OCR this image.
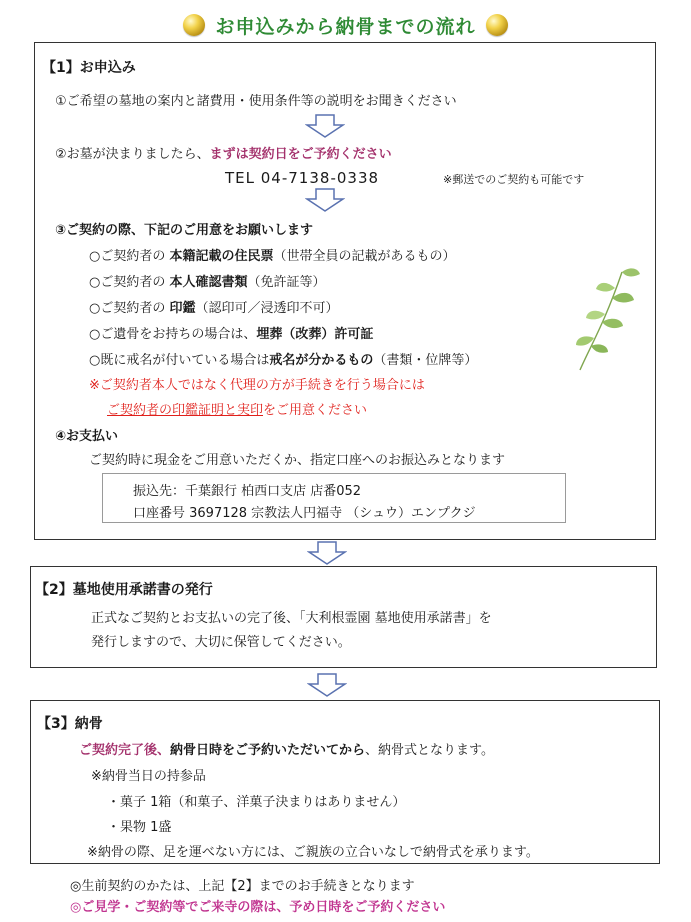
お申込みから納骨までの流れ
【1】お申込み
①ご希望の墓地の案内と諸費用・使用条件等の説明をお聞きください
②お墓が決まりましたら、まずは契約日をご予約ください
TEL 04-7138-0338	※郵送でのご契約も可能です
③ご契約の際、下記のご用意をお願いします
○ご契約者の 本籍記載の住民票（世帯全員の記載があるもの）
○ご契約者の 本人確認書類（免許証等）
○ご契約者の 印鑑（認印可／浸透印不可）
○ご遺骨をお持ちの場合は、埋葬（改葬）許可証
○既に戒名が付いている場合は戒名が分かるもの（書類・位牌等）
※ご契約者本人ではなく代理の方が手続きを行う場合には
ご契約者の印鑑証明と実印をご用意ください
④お支払い
ご契約時に現金をご用意いただくか、指定口座へのお振込みとなります
振込先：千葉銀行 柏西口支店 店番052
口座番号 3697128 宗教法人円福寺 （シュウ）エンプクジ
【2】墓地使用承諾書の発行
正式なご契約とお支払いの完了後、「大利根霊園 墓地使用承諾書」を
発行しますので、大切に保管してください。
【3】納骨
ご契約完了後、納骨日時をご予約いただいてから、納骨式となります。
※納骨当日の持参品
・菓子 1箱（和菓子、洋菓子決まりはありません）
・果物 1盛
※納骨の際、足を運べない方には、ご親族の立合いなしで納骨式を承ります。
◎生前契約のかたは、上記【2】までのお手続きとなります
◎ご見学・ご契約等でご来寺の際は、予め日時をご予約ください
